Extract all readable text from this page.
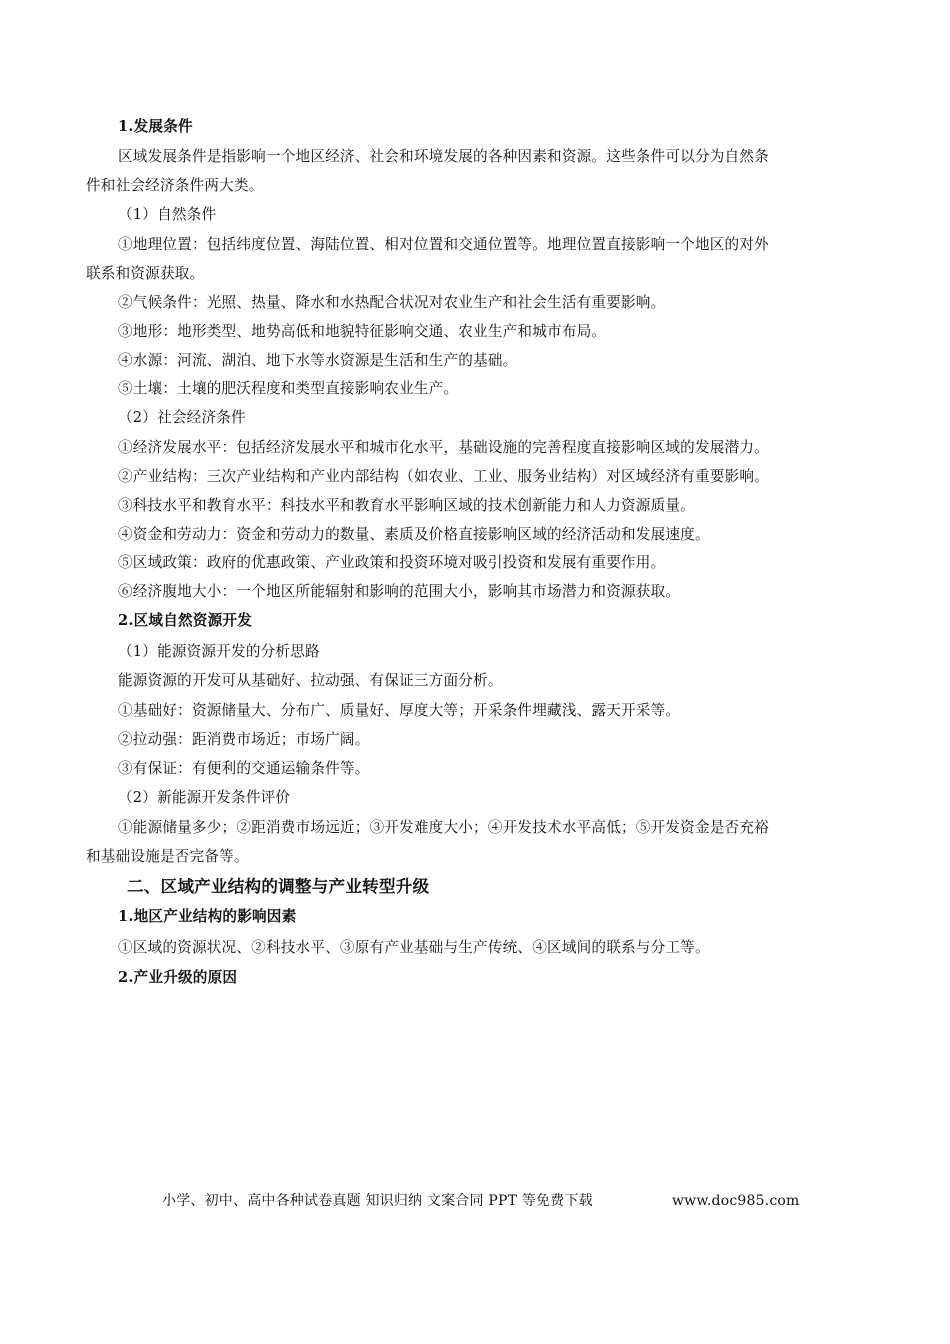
1.发展条件

区域发展条件是指影响一个地区经济、社会和环境发展的各种因素和资源。这些条件可以分为自然条

件和社会经济条件两大类。

（1）自然条件

①地理位置：包括纬度位置、海陆位置、相对位置和交通位置等。地理位置直接影响一个地区的对外

联系和资源获取。

②气候条件：光照、热量、降水和水热配合状况对农业生产和社会生活有重要影响。

③地形：地形类型、地势高低和地貌特征影响交通、农业生产和城市布局。

④水源：河流、湖泊、地下水等水资源是生活和生产的基础。

⑤土壤：土壤的肥沃程度和类型直接影响农业生产。

（2）社会经济条件

①经济发展水平：包括经济发展水平和城市化水平，基础设施的完善程度直接影响区域的发展潜力。

②产业结构：三次产业结构和产业内部结构（如农业、工业、服务业结构）对区域经济有重要影响。

③科技水平和教育水平：科技水平和教育水平影响区域的技术创新能力和人力资源质量。

④资金和劳动力：资金和劳动力的数量、素质及价格直接影响区域的经济活动和发展速度。

⑤区域政策：政府的优惠政策、产业政策和投资环境对吸引投资和发展有重要作用。

⑥经济腹地大小：一个地区所能辐射和影响的范围大小，影响其市场潜力和资源获取。

2.区域自然资源开发

（1）能源资源开发的分析思路

能源资源的开发可从基础好、拉动强、有保证三方面分析。

①基础好：资源储量大、分布广、质量好、厚度大等；开采条件埋藏浅、露天开采等。

②拉动强：距消费市场近；市场广阔。

③有保证：有便利的交通运输条件等。

（2）新能源开发条件评价

①能源储量多少；②距消费市场远近；③开发难度大小；④开发技术水平高低；⑤开发资金是否充裕

和基础设施是否完备等。

二、区域产业结构的调整与产业转型升级

1.地区产业结构的影响因素

①区域的资源状况、②科技水平、③原有产业基础与生产传统、④区域间的联系与分工等。

2.产业升级的原因

小学、初中、高中各种试卷真题 知识归纳 文案合同 PPT 等免费下载	www.doc985.com
